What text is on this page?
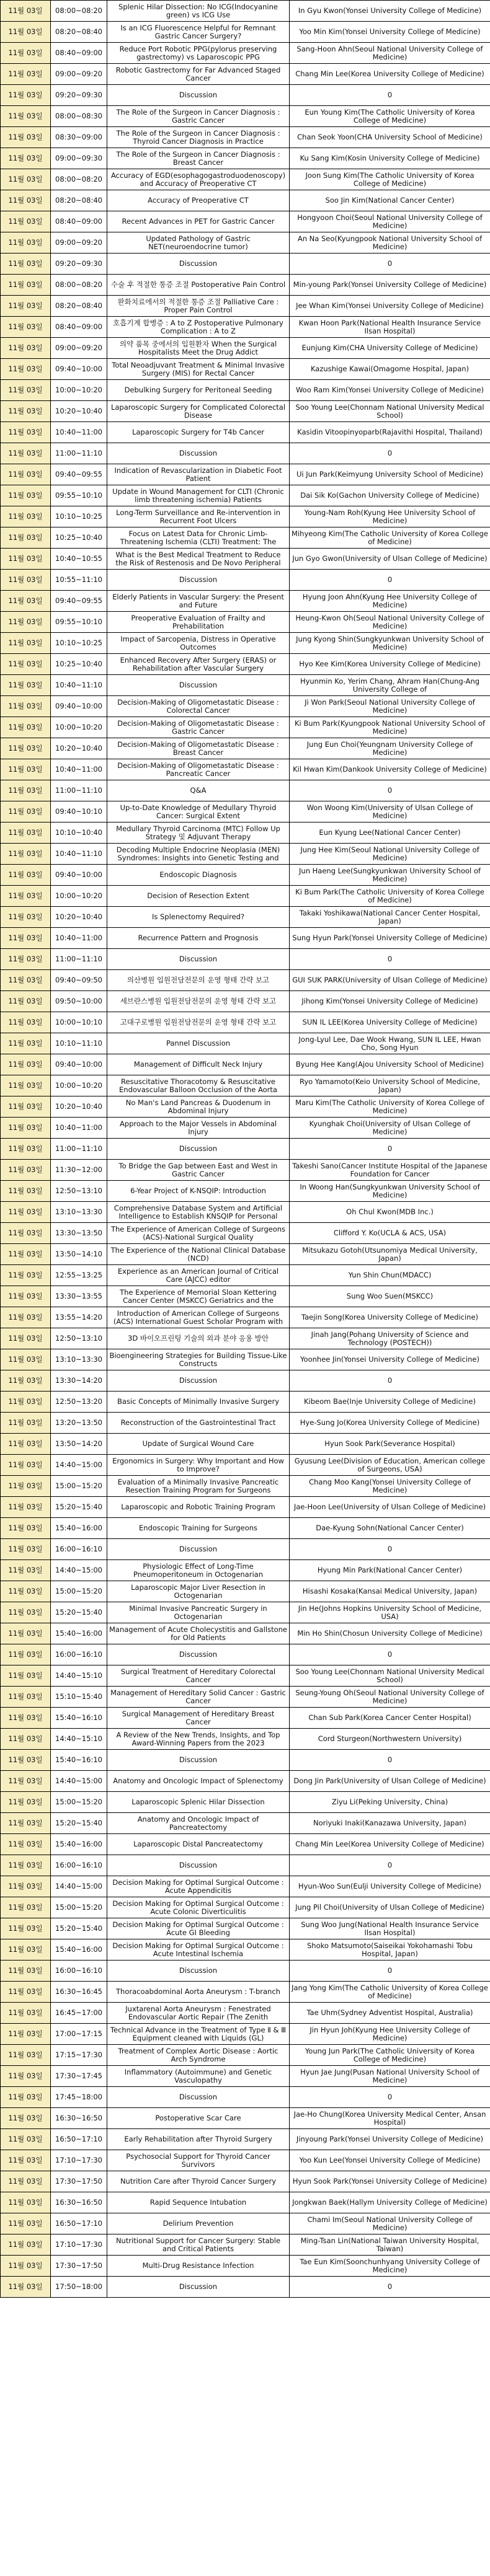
11월 03일	08:00~08:20	Splenic Hilar Dissection: No ICG(Indocyanine green) vs ICG Use	In Gyu Kwon(Yonsei University College of Medicine)
11월 03일	08:20~08:40	Is an ICG Fluorescence Helpful for Remnant Gastric Cancer Surgery?	Yoo Min Kim(Yonsei University College of Medicine)
11월 03일	08:40~09:00	Reduce Port Robotic PPG(pylorus preserving gastrectomy) vs Laparoscopic PPG	Sang-Hoon Ahn(Seoul National University College of Medicine)
11월 03일	09:00~09:20	Robotic Gastrectomy for Far Advanced Staged Cancer	Chang Min Lee(Korea University College of Medicine)
11월 03일	09:20~09:30	Discussion	0
11월 03일	08:00~08:30	The Role of the Surgeon in Cancer Diagnosis : Gastric Cancer	Eun Young Kim(The Catholic University of Korea College of Medicine)
11월 03일	08:30~09:00	The Role of the Surgeon in Cancer Diagnosis : Thyroid Cancer Diagnosis in Practice	Chan Seok Yoon(CHA University School of Medicine)
11월 03일	09:00~09:30	The Role of the Surgeon in Cancer Diagnosis : Breast Cancer	Ku Sang Kim(Kosin University College of Medicine)
11월 03일	08:00~08:20	Accuracy of EGD(esophagogastroduodenoscopy) and Accuracy of Preoperative CT	Joon Sung Kim(The Catholic University of Korea College of Medicine)
11월 03일	08:20~08:40	Accuracy of Preoperative CT	Soo Jin Kim(National Cancer Center)
11월 03일	08:40~09:00	Recent Advances in PET for Gastric Cancer	Hongyoon Choi(Seoul National University College of Medicine)
11월 03일	09:00~09:20	Updated Pathology of Gastric NET(neuroendocrine tumor)	An Na Seo(Kyungpook National University School of Medicine)
11월 03일	09:20~09:30	Discussion	0
11월 03일	08:00~08:20	수술 후 적절한 통증 조절 Postoperative Pain Control	Min-young Park(Yonsei University College of Medicine)
11월 03일	08:20~08:40	완화치료에서의 적절한 통증 조절 Palliative Care : Proper Pain Control	Jee Whan Kim(Yonsei University College of Medicine)
11월 03일	08:40~09:00	호흡기계 합병증 : A to Z Postoperative Pulmonary Complication : A to Z	Kwan Hoon Park(National Health Insurance Service Ilsan Hospital)
11월 03일	09:00~09:20	의약 품목 중에서의 입원환자 When the Surgical Hospitalists Meet the Drug Addict	Eunjung Kim(CHA University College of Medicine)
11월 03일	09:40~10:00	Total Neoadjuvant Treatment & Minimal Invasive Surgery (MIS) for Rectal Cancer	Kazushige Kawai(Omagome Hospital, Japan)
11월 03일	10:00~10:20	Debulking Surgery for Peritoneal Seeding	Woo Ram Kim(Yonsei University College of Medicine)
11월 03일	10:20~10:40	Laparoscopic Surgery for Complicated Colorectal Disease	Soo Young Lee(Chonnam National University Medical School)
11월 03일	10:40~11:00	Laparoscopic Surgery for T4b Cancer	Kasidin Vitoopinyoparb(Rajavithi Hospital, Thailand)
11월 03일	11:00~11:10	Discussion	0
11월 03일	09:40~09:55	Indication of Revascularization in Diabetic Foot Patient	Ui Jun Park(Keimyung University School of Medicine)
11월 03일	09:55~10:10	Update in Wound Management for CLTI (Chronic limb threatening ischemia) Patients	Dai Sik Ko(Gachon University College of Medicine)
11월 03일	10:10~10:25	Long-Term Surveillance and Re-intervention in Recurrent Foot Ulcers	Young-Nam Roh(Kyung Hee University School of Medicine)
11월 03일	10:25~10:40	Focus on Latest Data for Chronic Limb-Threatening Ischemia (CLTI) Treatment: The	Mihyeong Kim(The Catholic University of Korea College of Medicine)
11월 03일	10:40~10:55	What is the Best Medical Treatment to Reduce the Risk of Restenosis and De Novo Peripheral	Jun Gyo Gwon(University of Ulsan College of Medicine)
11월 03일	10:55~11:10	Discussion	0
11월 03일	09:40~09:55	Elderly Patients in Vascular Surgery: the Present and Future	Hyung Joon Ahn(Kyung Hee University College of Medicine)
11월 03일	09:55~10:10	Preoperative Evaluation of Frailty and Prehabilitation	Heung-Kwon Oh(Seoul National University College of Medicine)
11월 03일	10:10~10:25	Impact of Sarcopenia, Distress in Operative Outcomes	Jung Kyong Shin(Sungkyunkwan University School of Medicine)
11월 03일	10:25~10:40	Enhanced Recovery After Surgery (ERAS) or Rehabilitation after Vascular Surgery	Hyo Kee Kim(Korea University College of Medicine)
11월 03일	10:40~11:10	Discussion	Hyunmin Ko, Yerim Chang, Ahram Han(Chung-Ang University College of
11월 03일	09:40~10:00	Decision-Making of Oligometastatic Disease : Colorectal Cancer	Ji Won Park(Seoul National University College of Medicine)
11월 03일	10:00~10:20	Decision-Making of Oligometastatic Disease : Gastric Cancer	Ki Bum Park(Kyungpook National University School of Medicine)
11월 03일	10:20~10:40	Decision-Making of Oligometastatic Disease : Breast Cancer	Jung Eun Choi(Yeungnam University College of Medicine)
11월 03일	10:40~11:00	Decision-Making of Oligometastatic Disease : Pancreatic Cancer	Kil Hwan Kim(Dankook University College of Medicine)
11월 03일	11:00~11:10	Q&A	0
11월 03일	09:40~10:10	Up-to-Date Knowledge of Medullary Thyroid Cancer: Surgical Extent	Won Woong Kim(University of Ulsan College of Medicine)
11월 03일	10:10~10:40	Medullary Thyroid Carcinoma (MTC) Follow Up Strategy 및 Adjuvant Therapy	Eun Kyung Lee(National Cancer Center)
11월 03일	10:40~11:10	Decoding Multiple Endocrine Neoplasia (MEN) Syndromes: Insights into Genetic Testing and	Jung Hee Kim(Seoul National University College of Medicine)
11월 03일	09:40~10:00	Endoscopic Diagnosis	Jun Haeng Lee(Sungkyunkwan University School of Medicine)
11월 03일	10:00~10:20	Decision of Resection Extent	Ki Bum Park(The Catholic University of Korea College of Medicine)
11월 03일	10:20~10:40	Is Splenectomy Required?	Takaki Yoshikawa(National Cancer Center Hospital, Japan)
11월 03일	10:40~11:00	Recurrence Pattern and Prognosis	Sung Hyun Park(Yonsei University College of Medicine)
11월 03일	11:00~11:10	Discussion	0
11월 03일	09:40~09:50	의산병원 입원전담전문의 운영 형태 간략 보고	GUI SUK PARK(University of Ulsan College of Medicine)
11월 03일	09:50~10:00	세브란스병원 입원전담전문의 운영 형태 간략 보고	Jihong Kim(Yonsei University College of Medicine)
11월 03일	10:00~10:10	고대구로병원 입원전담전문의 운영 형태 간략 보고	SUN IL LEE(Korea University College of Medicine)
11월 03일	10:10~11:10	Pannel Discussion	Jong-Lyul Lee, Dae Wook Hwang, SUN IL LEE, Hwan Cho, Song Hyun
11월 03일	09:40~10:00	Management of Difficult Neck Injury	Byung Hee Kang(Ajou University School of Medicine)
11월 03일	10:00~10:20	Resuscitative Thoracotomy & Resuscitative Endovascular Balloon Occlusion of the Aorta	Ryo Yamamoto(Keio University School of Medicine, Japan)
11월 03일	10:20~10:40	No Man's Land Pancreas & Duodenum in Abdominal Injury	Maru Kim(The Catholic University of Korea College of Medicine)
11월 03일	10:40~11:00	Approach to the Major Vessels in Abdominal Injury	Kyunghak Choi(University of Ulsan College of Medicine)
11월 03일	11:00~11:10	Discussion	0
11월 03일	11:30~12:00	To Bridge the Gap between East and West in Gastric Cancer	Takeshi Sano(Cancer Institute Hospital of the Japanese Foundation for Cancer
11월 03일	12:50~13:10	6-Year Project of K-NSQIP: Introduction	In Woong Han(Sungkyunkwan University School of Medicine)
11월 03일	13:10~13:30	Comprehensive Database System and Artificial Intelligence to Establish KNSQIP for Personal	Oh Chul Kwon(MDB Inc.)
11월 03일	13:30~13:50	The Experience of American College of Surgeons (ACS)-National Surgical Quality	Clifford Y. Ko(UCLA & ACS, USA)
11월 03일	13:50~14:10	The Experience of the National Clinical Database (NCD)	Mitsukazu Gotoh(Utsunomiya Medical University, Japan)
11월 03일	12:55~13:25	Experience as an American Journal of Critical Care (AJCC) editor	Yun Shin Chun(MDACC)
11월 03일	13:30~13:55	The Experience of Memorial Sloan Kettering Cancer Center (MSKCC) Geriatrics and the	Sung Woo Suen(MSKCC)
11월 03일	13:55~14:20	Introduction of American College of Surgeons (ACS) International Guest Scholar Program with	Taejin Song(Korea University College of Medicine)
11월 03일	12:50~13:10	3D 바이오프린팅 기술의 외과 분야 응용 방안	Jinah Jang(Pohang University of Science and Technology (POSTECH))
11월 03일	13:10~13:30	Bioengineering Strategies for Building Tissue-Like Constructs	Yoonhee Jin(Yonsei University College of Medicine)
11월 03일	13:30~14:20	Discussion	0
11월 03일	12:50~13:20	Basic Concepts of Minimally Invasive Surgery	Kibeom Bae(Inje University College of Medicine)
11월 03일	13:20~13:50	Reconstruction of the Gastrointestinal Tract	Hye-Sung Jo(Korea University College of Medicine)
11월 03일	13:50~14:20	Update of Surgical Wound Care	Hyun Sook Park(Severance Hospital)
11월 03일	14:40~15:00	Ergonomics in Surgery: Why Important and How to Improve?	Gyusung Lee(Division of Education, American college of Surgeons, USA)
11월 03일	15:00~15:20	Evaluation of a Minimally Invasive Pancreatic Resection Training Program for Surgeons	Chang Moo Kang(Yonsei University College of Medicine)
11월 03일	15:20~15:40	Laparoscopic and Robotic Training Program	Jae-Hoon Lee(University of Ulsan College of Medicine)
11월 03일	15:40~16:00	Endoscopic Training for Surgeons	Dae-Kyung Sohn(National Cancer Center)
11월 03일	16:00~16:10	Discussion	0
11월 03일	14:40~15:00	Physiologic Effect of Long-Time Pneumoperitoneum in Octogenarian	Hyung Min Park(National Cancer Center)
11월 03일	15:00~15:20	Laparoscopic Major Liver Resection in Octogenarian	Hisashi Kosaka(Kansai Medical University, Japan)
11월 03일	15:20~15:40	Minimal Invasive Pancreatic Surgery in Octogenarian	Jin He(Johns Hopkins University School of Medicine, USA)
11월 03일	15:40~16:00	Management of Acute Cholecystitis and Gallstone for Old Patients	Min Ho Shin(Chosun University College of Medicine)
11월 03일	16:00~16:10	Discussion	0
11월 03일	14:40~15:10	Surgical Treatment of Hereditary Colorectal Cancer	Soo Young Lee(Chonnam National University Medical School)
11월 03일	15:10~15:40	Management of Hereditary Solid Cancer : Gastric Cancer	Seung-Young Oh(Seoul National University College of Medicine)
11월 03일	15:40~16:10	Surgical Management of Hereditary Breast Cancer	Chan Sub Park(Korea Cancer Center Hospital)
11월 03일	14:40~15:10	A Review of the New Trends, Insights, and Top Award-Winning Papers from the 2023	Cord Sturgeon(Northwestern University)
11월 03일	15:40~16:10	Discussion	0
11월 03일	14:40~15:00	Anatomy and Oncologic Impact of Splenectomy	Dong Jin Park(University of Ulsan College of Medicine)
11월 03일	15:00~15:20	Laparoscopic Splenic Hilar Dissection	Ziyu Li(Peking University, China)
11월 03일	15:20~15:40	Anatomy and Oncologic Impact of Pancreatectomy	Noriyuki Inaki(Kanazawa University, Japan)
11월 03일	15:40~16:00	Laparoscopic Distal Pancreatectomy	Chang Min Lee(Korea University College of Medicine)
11월 03일	16:00~16:10	Discussion	0
11월 03일	14:40~15:00	Decision Making for Optimal Surgical Outcome : Acute Appendicitis	Hyun-Woo Sun(Eulji University College of Medicine)
11월 03일	15:00~15:20	Decision Making for Optimal Surgical Outcome : Acute Colonic Diverticulitis	Jung Pil Choi(University of Ulsan College of Medicine)
11월 03일	15:20~15:40	Decision Making for Optimal Surgical Outcome : Acute GI Bleeding	Sung Woo Jung(National Health Insurance Service Ilsan Hospital)
11월 03일	15:40~16:00	Decision Making for Optimal Surgical Outcome : Acute Intestinal Ischemia	Shoko Matsumoto(Saiseikai Yokohamashi Tobu Hospital, Japan)
11월 03일	16:00~16:10	Discussion	0
11월 03일	16:30~16:45	Thoracoabdominal Aorta Aneurysm : T-branch	Jang Yong Kim(The Catholic University of Korea College of Medicine)
11월 03일	16:45~17:00	Juxtarenal Aorta Aneurysm : Fenestrated Endovascular Aortic Repair (The Zenith	Tae Uhm(Sydney Adventist Hospital, Australia)
11월 03일	17:00~17:15	Technical Advance in the Treatment of Type Ⅱ & Ⅲ Equipment cleaned with Liquids (GL)	Jin Hyun Joh(Kyung Hee University College of Medicine)
11월 03일	17:15~17:30	Treatment of Complex Aortic Disease : Aortic Arch Syndrome	Young Jun Park(The Catholic University of Korea College of Medicine)
11월 03일	17:30~17:45	Inflammatory (Autoimmune) and Genetic Vasculopathy	Hyun Jae Jung(Pusan National University School of Medicine)
11월 03일	17:45~18:00	Discussion	0
11월 03일	16:30~16:50	Postoperative Scar Care	Jae-Ho Chung(Korea University Medical Center, Ansan Hospital)
11월 03일	16:50~17:10	Early Rehabilitation after Thyroid Surgery	Jinyoung Park(Yonsei University College of Medicine)
11월 03일	17:10~17:30	Psychosocial Support for Thyroid Cancer Survivors	Yoo Kun Lee(Yonsei University College of Medicine)
11월 03일	17:30~17:50	Nutrition Care after Thyroid Cancer Surgery	Hyun Sook Park(Yonsei University College of Medicine)
11월 03일	16:30~16:50	Rapid Sequence Intubation	Jongkwan Baek(Hallym University College of Medicine)
11월 03일	16:50~17:10	Delirium Prevention	Chami Im(Seoul National University College of Medicine)
11월 03일	17:10~17:30	Nutritional Support for Cancer Surgery: Stable and Critical Patients	Ming-Tsan Lin(National Taiwan University Hospital, Taiwan)
11월 03일	17:30~17:50	Multi-Drug Resistance Infection	Tae Eun Kim(Soonchunhyang University College of Medicine)
11월 03일	17:50~18:00	Discussion	0
